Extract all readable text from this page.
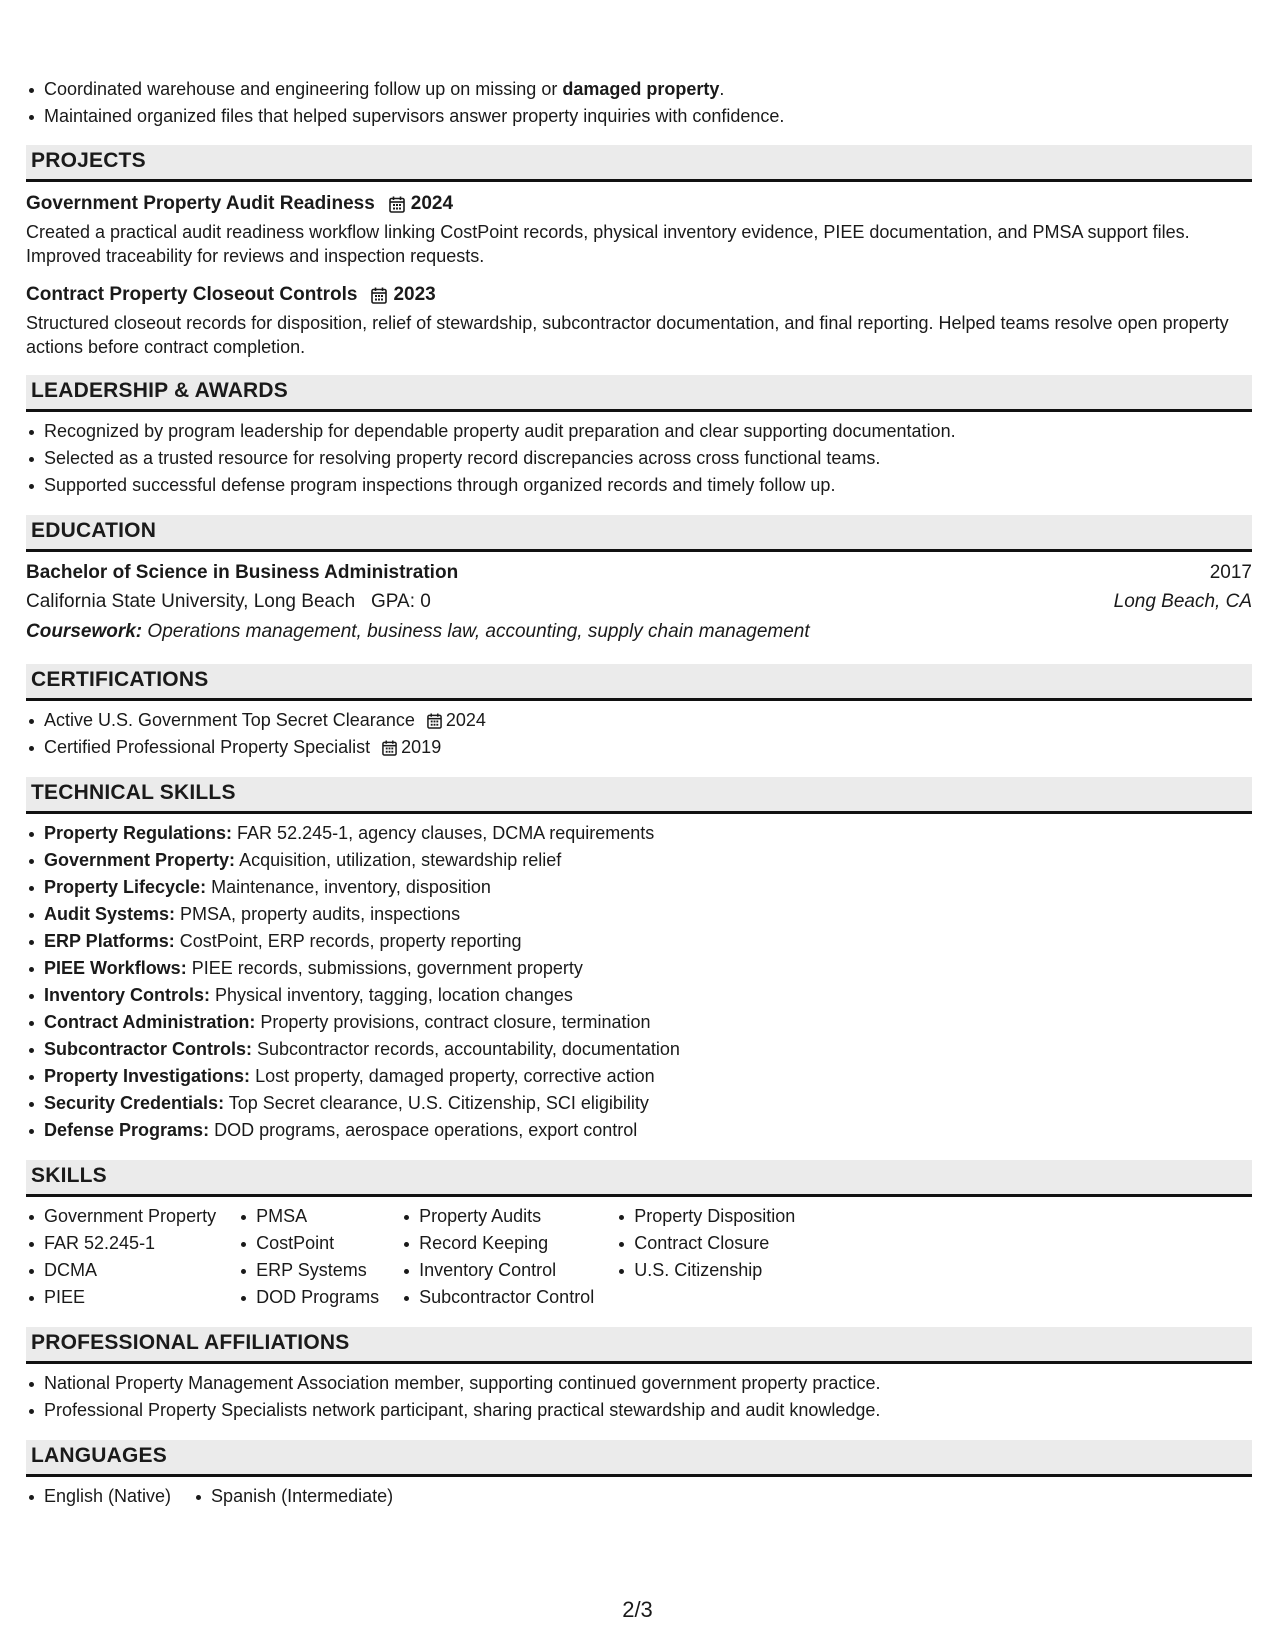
Coordinated warehouse and engineering follow up on missing or damaged property.
Maintained organized files that helped supervisors answer property inquiries with confidence.
PROJECTS
Government Property Audit Readiness 2024
Created a practical audit readiness workflow linking CostPoint records, physical inventory evidence, PIEE documentation, and PMSA support files. Improved traceability for reviews and inspection requests.
Contract Property Closeout Controls 2023
Structured closeout records for disposition, relief of stewardship, subcontractor documentation, and final reporting. Helped teams resolve open property actions before contract completion.
LEADERSHIP & AWARDS
Recognized by program leadership for dependable property audit preparation and clear supporting documentation.
Selected as a trusted resource for resolving property record discrepancies across cross functional teams.
Supported successful defense program inspections through organized records and timely follow up.
EDUCATION
Bachelor of Science in Business Administration	2017
California State University, Long Beach GPA: 0	Long Beach, CA
Coursework: Operations management, business law, accounting, supply chain management
CERTIFICATIONS
Active U.S. Government Top Secret Clearance 2024
Certified Professional Property Specialist 2019
TECHNICAL SKILLS
Property Regulations: FAR 52.245-1, agency clauses, DCMA requirements
Government Property: Acquisition, utilization, stewardship relief
Property Lifecycle: Maintenance, inventory, disposition
Audit Systems: PMSA, property audits, inspections
ERP Platforms: CostPoint, ERP records, property reporting
PIEE Workflows: PIEE records, submissions, government property
Inventory Controls: Physical inventory, tagging, location changes
Contract Administration: Property provisions, contract closure, termination
Subcontractor Controls: Subcontractor records, accountability, documentation
Property Investigations: Lost property, damaged property, corrective action
Security Credentials: Top Secret clearance, U.S. Citizenship, SCI eligibility
Defense Programs: DOD programs, aerospace operations, export control
SKILLS
Government Property
FAR 52.245-1
DCMA
PIEE
PMSA
CostPoint
ERP Systems
DOD Programs
Property Audits
Record Keeping
Inventory Control
Subcontractor Control
Property Disposition
Contract Closure
U.S. Citizenship
PROFESSIONAL AFFILIATIONS
National Property Management Association member, supporting continued government property practice.
Professional Property Specialists network participant, sharing practical stewardship and audit knowledge.
LANGUAGES
English (Native)	Spanish (Intermediate)
2/3
